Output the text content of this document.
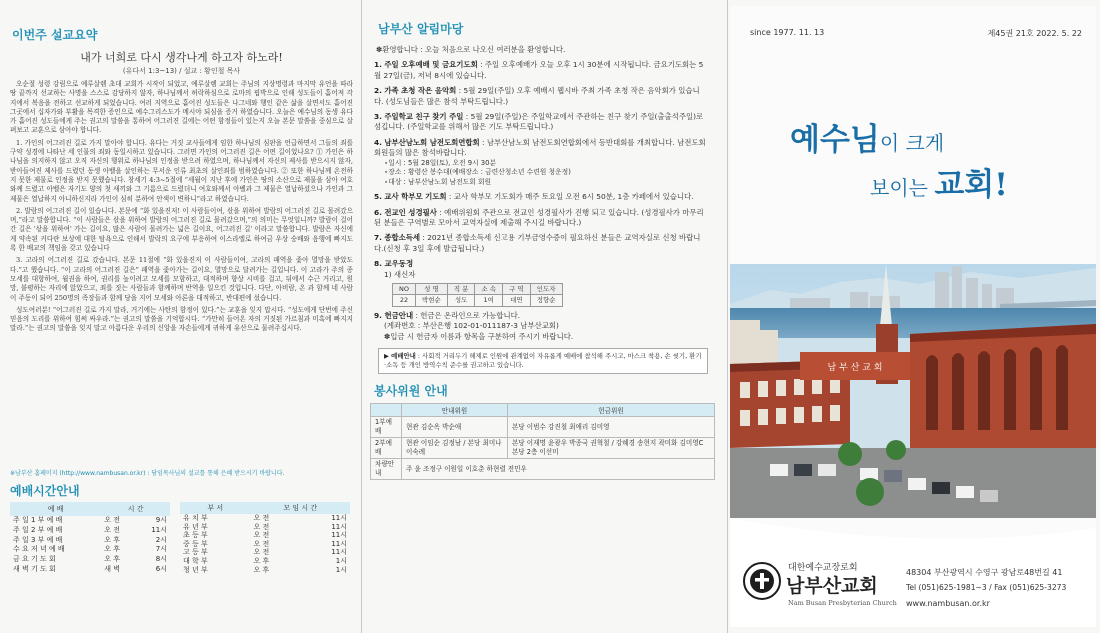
이번주 설교요약
내가 너희로 다시 생각나게 하고자 하노라!
(유다서 1:3~13) / 설교 : 황인철 목사

오순절 성령 강림으로 예루살렘 초대 교회가 시작이 되었고, 예루살렘 교회는 주님의 지상명령과 마지막 유언을 따라 땅 끝까지 선교하는 사명을 스스로 감당하지 않자, 하나님께서 허락하심으로 로마의 핍박으로 인해 성도들이 흩어져 각지에서 복음을 전하고 선교하게 되었습니다. 여러 지역으로 흩어진 성도들은 나그네와 행인 같은 삶을 살면서도 흩어진 그곳에서 십자가와 부활을 목격한 증인으로 예수그리스도가 메시야 되심을 증거 하였습니다. 오늘은 예수님의 동생 유다가 흩어진 성도들에게 주는 권고의 말씀을 통하여 어그러진 길에는 어떤 함정들이 있는지 오늘 본문 말씀을 중심으로 살펴보고 교훈으로 삼아야 합니다.

1. 가인의 어그러진 길로 가지 말아야 합니다. 유다는 거짓 교사들에게 임한 하나님의 심판을 언급하면서 그들의 죄를 구약 성경에 나타난 세 인물의 죄와 동일시하고 있습니다. 그러면 가인의 어그러진 길은 어떤 길이었나요? ① 가인은 하나님을 의지하지 않고 오직 자신의 행위로 하나님의 인정을 받으려 하였으며, 하나님께서 자신의 제사를 받으시지 않자, 받아들여진 제사를 드렸던 동생 아벨을 살인하는 무서운 인류 최초의 살인죄를 범하였습니다. ② 또한 하나님께 온전하지 못한 제물로 인정을 받지 못했습니다. 창세기 4:3~5절에 “세월이 지난 후에 가인은 땅의 소산으로 제물을 삼아 여호와께 드렸고 아벨은 자기도 양의 첫 새끼와 그 기름으로 드렸더니 여호와께서 아벨과 그 제물은 열납하셨으나 가인과 그 제물은 열납하지 아니하신지라 가인이 심히 분하여 안색이 변하니”라고 하였습니다.

2. 발람의 어그러진 길이 있습니다. 본문에 “화 있을진저! 이 사람들이여, 삯을 위하여 발람의 어그러진 길로 몰려갔으며,”라고 말씀합니다. “이 사람들은 삯을 위하여 발람의 어그러진 길로 몰려갔으며,”의 의미는 무엇일니까? 발람이 걸어간 길은 '삯을 위하여' 가는 길이요, 많은 사람이 몰려가는 넓은 길이요, 어그러진 길' 이라고 말씀합니다. 발람은 자신에게 약속된 커다란 보상에 대한 탐욕으로 인해서 발락의 요구에 부응하여 이스라엘로 하여금 우상 숭배와 음행에 빠지도록 한 배교의 책임을 갖고 있습니다

3. 고라의 어그러진 길로 갔습니다. 본문 11절에 “화 있을진저 이 사람들이여, 고라의 패역을 좇아 멸망을 받았도다.”고 했습니다. “이 고라의 어그러진 길은” 패역을 좇아가는 길이요, 멸망으로 달려가는 길입니다. 이 고라가 주의 종 모세를 대항하여, 월권을 하여, 권리를 높이려고 모세를 모함하고, 대적하며 향상 시비를 걸고, 뒤에서 수근 거리고, 원망, 불평하는 자리에 앉았으고, 죄를 짓는 사람들과 함께하며 반역을 일으킨 것입니다. 다단, 아비람, 온 과 함께 네 사람이 주동이 되어 250명의 족장들과 함께 당을 지어 모세와 아론을 대적하고, 반대편에 섰습니다.

성도여러분! “어그러진 길로 가지 말라, 거기에는 사탄의 함정이 있다.”는 교훈을 잊지 맙시다. “성도에게 단번에 주신 믿음의 도리를 위하여 힘써 싸우라.”는 권고의 말씀을 기억합시다. “가만히 들어온 자의 거짓된 가르침과 미혹에 빠지지 말라.”는 권고의 말씀을 잊지 말고 아름다운 우리의 신앙을 자손들에게 귀하게 유산으로 물려주십시다.

※남부산 홈페이지 (http://www.nambusan.or.kr) : 담임목사님의 설교를 통해 은혜 받으시기 바랍니다.
예배시간안내
예 배	시 간	
주 일 1 부 예 배	오 전	9시
주 일 2 부 예 배	오 전	11시
주 일 3 부 예 배	오 후	2시
수 요 저 녁 예 배	오 후	7시
금 요 기 도 회	오 후	8시
새 벽 기 도 회	새 벽	6시
부 서	모 임 시 간	
유 치 부	오 전	11시
유 년 부	오 전	11시
초 등 부	오 전	11시
중 등 부	오 전	11시
고 등 부	오 전	11시
대 학 부	오 후	1시
청 년 부	오 후	1시
남부산 알림마당
✽환영합니다 : 오늘 처음으로 나오신 여러분을 환영합니다.
1. 주일 오후예배 및 금요기도회 : 주일 오후예배가 오늘 오후 1시 30분에 시작됩니다. 금요기도회는 5월 27일(금), 저녁 8시에 있습니다.
2. 가족 초청 작은 음악회 : 5월 29일(주일) 오후 예배시 웹시바 주최 가족 초청 작은 음악회가 있습니다. (성도님들은 많은 참석 부탁드립니다.)
3. 주일학교 친구 찾기 주일 : 5월 29일(주일)은 주일학교에서 주관하는 친구 찾기 주일(출출석주일)로 섬깁니다. (주일학교를 위해서 많은 기도 부탁드립니다.)
4. 남부산남노회 남전도회연합회 : 남부산남노회 남전도회연합회에서 등반대회를 개최합니다. 남전도회 회원들의 많은 참석바랍니다.
∘일시 : 5월 28일(토), 오전 9시 30분
∘장소 : 황령산 봉수대(예배장소 : 금련산청소년 수련원 청운정)
∘대상 : 남부산남노회 남전도회 회원
5. 교사 학부모 기도회 : 교사 학부모 기도회가 매주 토요일 오전 6시 50분, 1층 카페에서 있습니다.
6. 전교인 성경필사 : 예배위원회 주관으로 전교인 성경필사가 진행 되고 있습니다. (성경필사가 마무리된 분들은 구역별로 모아서 교역자실에 제출해 주시길 바랍니다.)
7. 종합소득세 : 2021년 종합소득세 신고용 기부금영수증이 필요하신 분들은 교역자실로 신청 바랍니다.(신청 후 3일 후에 발급됩니다.)
8. 교우동정
1) 새신자
NO	성 명	직 분	소 속	구 역	인도자
22	박현순	성도	1여	대연	정향순
9. 헌금안내 : 헌금은 온라인으로 가능합니다.
(계좌번호 : 부산은행 102-01-011187-3 남부산교회)
✽입금 시 헌금자 이름과 항목을 구분하여 주시기 바랍니다.
▶ 예배안내 : 사회적 거리두기 해제로 인원에 관계없이 자유롭게 예배에 참석해 주시고, 마스크 착용, 손 씻기, 환기·소독 등 개인 방역수칙 준수를 권고하고 있습니다.
봉사위원 안내
	안내위원	헌금위원
1부예배	현관 김순옥 박순애	본당 이범수 강진철 최애리 김미영
2부예배	현관 이임순 김정남 / 본당 최미나 이숙례	본당 이재명 윤광우 박종국 권혁철 / 강혜경 송현지 곽미화 김미영C 본당 2층 이선미
차량안내	주 윤 조정구 이원일 이호춘 하현렬 전민우	
since 1977. 11. 13	제45권 21호 2022. 5. 22
예수님이 크게
보이는 교회!
남 부 산 교 회
대한예수교장로회
남부산교회
Nam Busan Presbyterian Church
48304 부산광역시 수영구 광남로48번길 41
Tel (051)625-1981~3 / Fax (051)625-3273
www.nambusan.or.kr
